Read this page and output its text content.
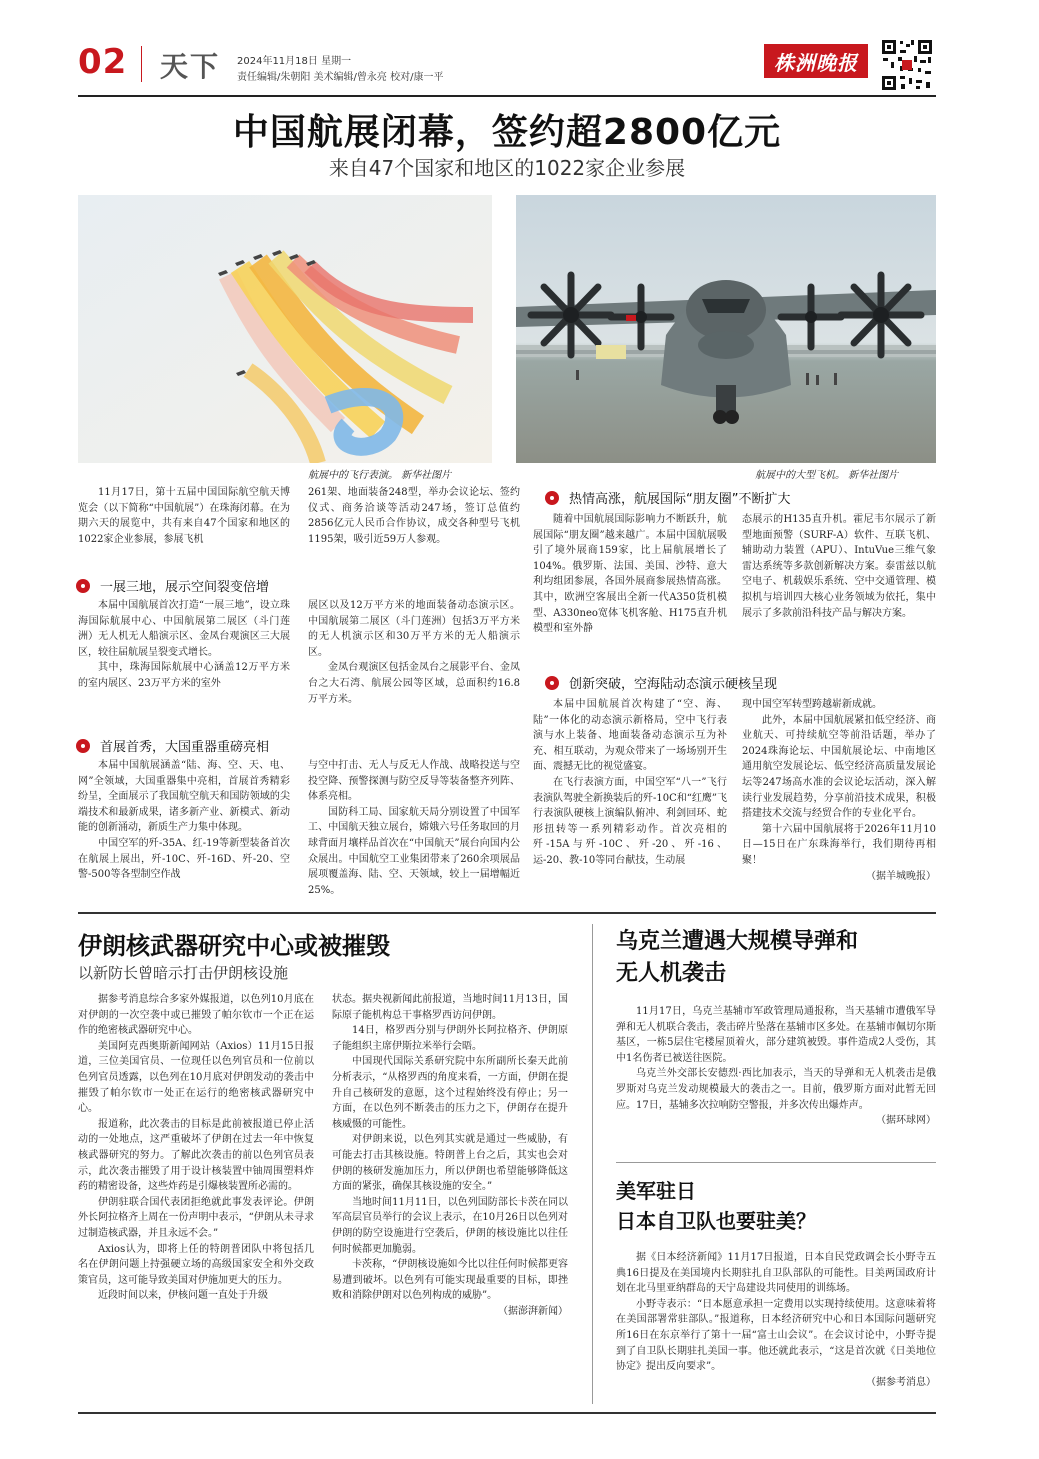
02 天下 2024年11月18日 星期一
责任编辑/朱朝阳 美术编辑/曾永亮 校对/康一平
株洲晚报
中国航展闭幕，签约超2800亿元
来自47个国家和地区的1022家企业参展
航展中的飞行表演。 新华社图片	航展中的大型飞机。 新华社图片

11月17日，第十五届中国国际航空航天博览会（以下简称“中国航展”）在珠海闭幕。在为期六天的展览中，共有来自47个国家和地区的1022家企业参展，参展飞机

261架、地面装备248型，举办会议论坛、签约仪式、商务洽谈等活动247场，签订总值约2856亿元人民币合作协议，成交各种型号飞机1195架，吸引近59万人参观。

一展三地，展示空间裂变倍增

本届中国航展首次打造“一展三地”，设立珠海国际航展中心、中国航展第二展区（斗门莲洲）无人机无人船演示区、金凤台观演区三大展区，较往届航展呈裂变式增长。

其中，珠海国际航展中心涵盖12万平方米的室内展区、23万平方米的室外

展区以及12万平方米的地面装备动态演示区。中国航展第二展区（斗门莲洲）包括3万平方米的无人机演示区和30万平方米的无人船演示区。

金凤台观演区包括金凤台之展影平台、金凤台之大石湾、航展公园等区域，总面积约16.8万平方米。

首展首秀，大国重器重磅亮相

本届中国航展涵盖“陆、海、空、天、电、网”全领域，大国重器集中亮相，首展首秀精彩纷呈，全面展示了我国航空航天和国防领域的尖端技术和最新成果，诸多新产业、新模式、新动能的创新涌动，新质生产力集中体现。

中国空军的歼-35A、红-19等新型装备首次在航展上展出，歼-10C、歼-16D、歼-20、空警-500等各型制空作战

与空中打击、无人与反无人作战、战略投送与空投空降、预警探测与防空反导等装备整齐列阵、体系亮相。

国防科工局、国家航天局分别设置了中国军工、中国航天独立展台，嫦娥六号任务取回的月球背面月壤样品首次在“中国航天”展台向国内公众展出。中国航空工业集团带来了260余项展品展项覆盖海、陆、空、天领域，较上一届增幅近25%。

热情高涨，航展国际“朋友圈”不断扩大

随着中国航展国际影响力不断跃升，航展国际“朋友圈”越来越广。本届中国航展吸引了境外展商159家，比上届航展增长了104%。俄罗斯、法国、美国、沙特、意大利均组团参展，各国外展商参展热情高涨。其中，欧洲空客展出全新一代A350货机模型、A330neo宽体飞机客舱、H175直升机模型和室外静

态展示的H135直升机。霍尼韦尔展示了新型地面预警（SURF-A）软件、互联飞机、辅助动力装置（APU）、IntuVue三维气象雷达系统等多款创新解决方案。泰雷兹以航空电子、机载娱乐系统、空中交通管理、模拟机与培训四大核心业务领域为依托，集中展示了多款前沿科技产品与解决方案。

创新突破，空海陆动态演示硬核呈现

本届中国航展首次构建了“空、海、陆”一体化的动态演示新格局，空中飞行表演与水上装备、地面装备动态演示互为补充、相互联动，为观众带来了一场场别开生面、震撼无比的视觉盛宴。

在飞行表演方面，中国空军“八一”飞行表演队驾驶全新换装后的歼-10C和“红鹰”飞行表演队硬核上演编队俯冲、利剑回环、蛇形扭转等一系列精彩动作。首次亮相的歼-15A与歼-10C、歼-20、歼-16、运-20、教-10等同台献技，生动展

现中国空军转型跨越崭新成就。

此外，本届中国航展紧扣低空经济、商业航天、可持续航空等前沿话题，举办了2024珠海论坛、中国航展论坛、中南地区通用航空发展论坛、低空经济高质量发展论坛等247场高水准的会议论坛活动，深入解读行业发展趋势，分享前沿技术成果，积极搭建技术交流与经贸合作的专业化平台。

第十六届中国航展将于2026年11月10日—15日在广东珠海举行，我们期待再相聚！

（据羊城晚报）

伊朗核武器研究中心或被摧毁
以新防长曾暗示打击伊朗核设施

据参考消息综合多家外媒报道，以色列10月底在对伊朗的一次空袭中或已摧毁了帕尔钦市一个正在运作的绝密核武器研究中心。

美国阿克西奥斯新闻网站（Axios）11月15日报道，三位美国官员、一位现任以色列官员和一位前以色列官员透露，以色列在10月底对伊朗发动的袭击中摧毁了帕尔钦市一处正在运行的绝密核武器研究中心。

报道称，此次袭击的目标是此前被报道已停止活动的一处地点，这严重破坏了伊朗在过去一年中恢复核武器研究的努力。了解此次袭击的前以色列官员表示，此次袭击摧毁了用于设计核装置中铀周围塑料炸药的精密设备，这些炸药是引爆核装置所必需的。

伊朗驻联合国代表团拒绝就此事发表评论。伊朗外长阿拉格齐上周在一份声明中表示，“伊朗从未寻求过制造核武器，并且永远不会。”

Axios认为，即将上任的特朗普团队中将包括几名在伊朗问题上持强硬立场的高级国家安全和外交政策官员，这可能导致美国对伊施加更大的压力。

近段时间以来，伊核问题一直处于升级

状态。据央视新闻此前报道，当地时间11月13日，国际原子能机构总干事格罗西访问伊朗。

14日，格罗西分别与伊朗外长阿拉格齐、伊朗原子能组织主席伊斯拉米举行会晤。

中国现代国际关系研究院中东所副所长秦天此前分析表示，“从格罗西的角度来看，一方面，伊朗在提升自己核研发的意愿，这个过程始终没有停止；另一方面，在以色列不断袭击的压力之下，伊朗存在提升核威慑的可能性。

对伊朗来说，以色列其实就是通过一些威胁，有可能去打击其核设施。特朗普上台之后，其实也会对伊朗的核研发施加压力，所以伊朗也希望能够降低这方面的紧张，确保其核设施的安全。”

当地时间11月11日，以色列国防部长卡茨在同以军高层官员举行的会议上表示，在10月26日以色列对伊朗的防空设施进行空袭后，伊朗的核设施比以往任何时候都更加脆弱。

卡茨称，“伊朗核设施如今比以往任何时候都更容易遭到破坏。以色列有可能实现最重要的目标，即挫败和消除伊朗对以色列构成的威胁”。

（据澎湃新闻）

乌克兰遭遇大规模导弹和
无人机袭击

11月17日，乌克兰基辅市军政管理局通报称，当天基辅市遭俄军导弹和无人机联合袭击，袭击碎片坠落在基辅市区多处。在基辅市佩切尔斯基区，一栋5层住宅楼屋顶着火，部分建筑被毁。事件造成2人受伤，其中1名伤者已被送往医院。

乌克兰外交部长安德烈·西比加表示，当天的导弹和无人机袭击是俄罗斯对乌克兰发动规模最大的袭击之一。目前，俄罗斯方面对此暂无回应。17日，基辅多次拉响防空警报，并多次传出爆炸声。

（据环球网）

美军驻日
日本自卫队也要驻美？

据《日本经济新闻》11月17日报道，日本自民党政调会长小野寺五典16日提及在美国境内长期驻扎自卫队部队的可能性。目美两国政府计划在北马里亚纳群岛的天宁岛建设共同使用的训练场。

小野寺表示：“日本愿意承担一定费用以实现持续使用。这意味着将在美国部署常驻部队。”报道称，日本经济研究中心和日本国际问题研究所16日在东京举行了第十一届“富士山会议”。在会议讨论中，小野寺提到了自卫队长期驻扎美国一事。他还就此表示，“这是首次就《日美地位协定》提出反向要求”。

（据参考消息）
